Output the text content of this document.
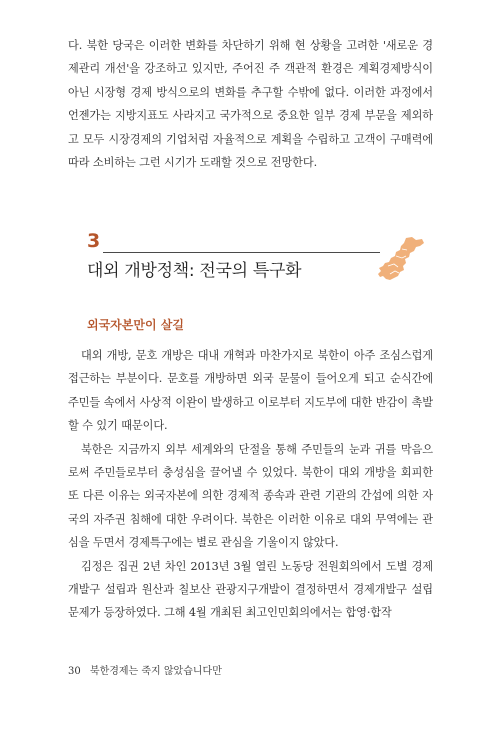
다. 북한 당국은 이러한 변화를 차단하기 위해 현 상황을 고려한 '새로운 경제관리 개선'을 강조하고 있지만, 주어진 주 객관적 환경은 계획경제방식이 아닌 시장형 경제 방식으로의 변화를 추구할 수밖에 없다. 이러한 과정에서 언젠가는 지방지표도 사라지고 국가적으로 중요한 일부 경제 부문을 제외하고 모두 시장경제의 기업처럼 자율적으로 계획을 수립하고 고객이 구매력에 따라 소비하는 그런 시기가 도래할 것으로 전망한다.

3
대외 개방정책: 전국의 특구화
외국자본만이 살길

대외 개방, 문호 개방은 대내 개혁과 마찬가지로 북한이 아주 조심스럽게 접근하는 부분이다. 문호를 개방하면 외국 문물이 들어오게 되고 순식간에 주민들 속에서 사상적 이완이 발생하고 이로부터 지도부에 대한 반감이 촉발할 수 있기 때문이다.

북한은 지금까지 외부 세계와의 단절을 통해 주민들의 눈과 귀를 막음으로써 주민들로부터 충성심을 끌어낼 수 있었다. 북한이 대외 개방을 회피한 또 다른 이유는 외국자본에 의한 경제적 종속과 관련 기관의 간섭에 의한 자국의 자주권 침해에 대한 우려이다. 북한은 이러한 이유로 대외 무역에는 관심을 두면서 경제특구에는 별로 관심을 기울이지 않았다.

김정은 집권 2년 차인 2013년 3월 열린 노동당 전원회의에서 도별 경제개발구 설립과 원산과 칠보산 관광지구개발이 결정하면서 경제개발구 설립 문제가 등장하였다. 그해 4월 개최된 최고인민회의에서는 합영·합작

30 북한경제는 죽지 않았습니다만
